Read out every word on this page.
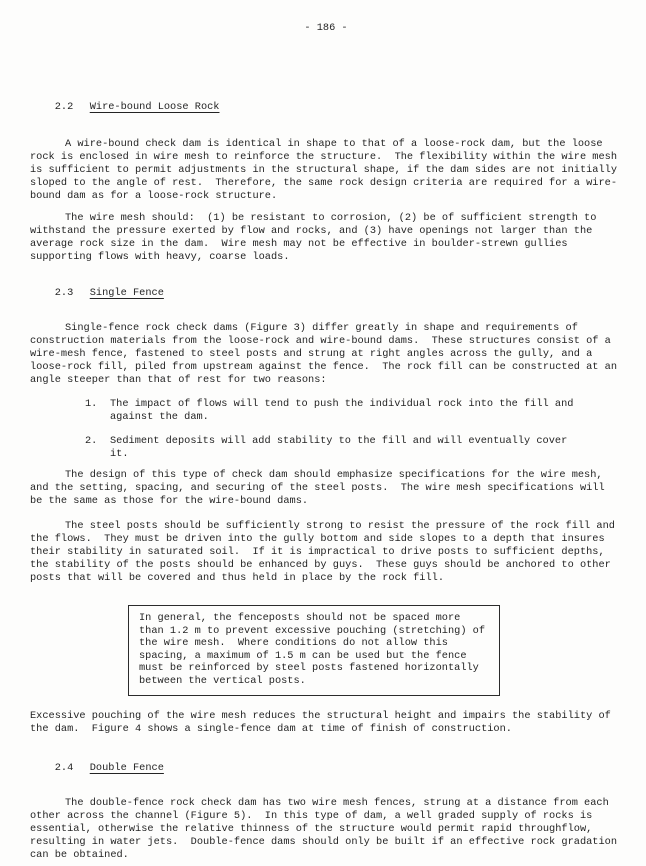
- 186 -

2.2 Wire-bound Loose Rock

A wire-bound check dam is identical in shape to that of a loose-rock dam, but the loose rock is enclosed in wire mesh to reinforce the structure.  The flexibility within the wire mesh is sufficient to permit adjustments in the structural shape, if the dam sides are not initially sloped to the angle of rest.  Therefore, the same rock design criteria are required for a wire-bound dam as for a loose-rock structure.
The wire mesh should:  (1) be resistant to corrosion, (2) be of sufficient strength to withstand the pressure exerted by flow and rocks, and (3) have openings not larger than the average rock size in the dam.  Wire mesh may not be effective in boulder-strewn gullies supporting flows with heavy, coarse loads.

2.3 Single Fence

Single-fence rock check dams (Figure 3) differ greatly in shape and requirements of construction materials from the loose-rock and wire-bound dams.  These structures consist of a wire-mesh fence, fastened to steel posts and strung at right angles across the gully, and a loose-rock fill, piled from upstream against the fence.  The rock fill can be constructed at an angle steeper than that of rest for two reasons:
1.	The impact of flows will tend to push the individual rock into the fill and against the dam.
2.	Sediment deposits will add stability to the fill and will eventually cover it.
The design of this type of check dam should emphasize specifications for the wire mesh, and the setting, spacing, and securing of the steel posts.  The wire mesh specifications will be the same as those for the wire-bound dams.
The steel posts should be sufficiently strong to resist the pressure of the rock fill and the flows.  They must be driven into the gully bottom and side slopes to a depth that insures their stability in saturated soil.  If it is impractical to drive posts to sufficient depths, the stability of the posts should be enhanced by guys.  These guys should be anchored to other posts that will be covered and thus held in place by the rock fill.
In general, the fenceposts should not be spaced more than 1.2 m to prevent excessive pouching (stretching) of the wire mesh.  Where conditions do not allow this spacing, a maximum of 1.5 m can be used but the fence must be reinforced by steel posts fastened horizontally between the vertical posts.
Excessive pouching of the wire mesh reduces the structural height and impairs the stability of the dam.  Figure 4 shows a single-fence dam at time of finish of construction.

2.4 Double Fence

The double-fence rock check dam has two wire mesh fences, strung at a distance from each other across the channel (Figure 5).  In this type of dam, a well graded supply of rocks is essential, otherwise the relative thinness of the structure would permit rapid throughflow, resulting in water jets.  Double-fence dams should only be built if an effective rock gradation can be obtained.
